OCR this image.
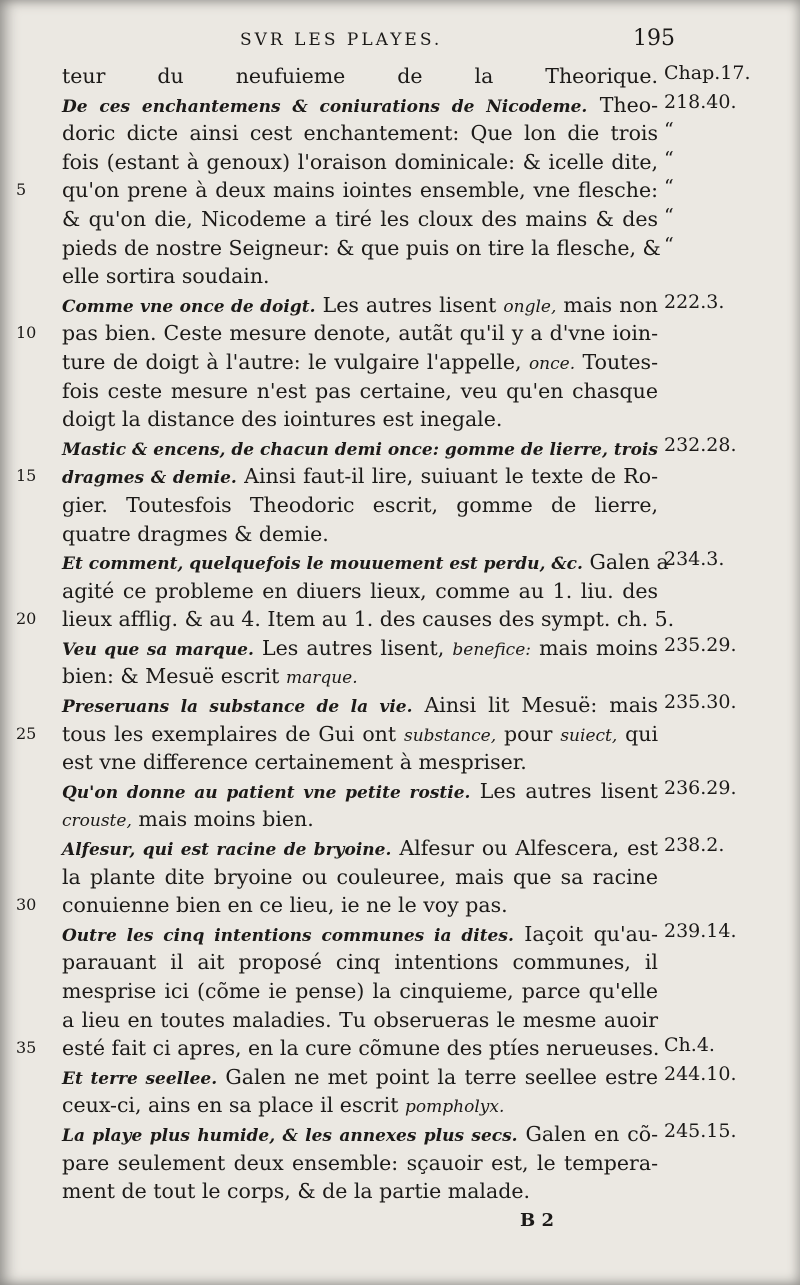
SVR LES PLAYES.	195
teur du neufuieme de la Theorique.
De ces enchantemens & coniurations de Nicodeme. Theo-
doric dicte ainsi cest enchantement: Que lon die trois
fois (estant à genoux) l'oraison dominicale: & icelle dite,
qu'on prene à deux mains iointes ensemble, vne flesche:
& qu'on die, Nicodeme a tiré les cloux des mains & des
pieds de nostre Seigneur: & que puis on tire la flesche, &
elle sortira soudain.
Comme vne once de doigt. Les autres lisent ongle, mais non
pas bien. Ceste mesure denote, autãt qu'il y a d'vne ioin-
ture de doigt à l'autre: le vulgaire l'appelle, once. Toutes-
fois ceste mesure n'est pas certaine, veu qu'en chasque
doigt la distance des iointures est inegale.
Mastic & encens, de chacun demi once: gomme de lierre, trois
dragmes & demie. Ainsi faut-il lire, suiuant le texte de Ro-
gier. Toutesfois Theodoric escrit, gomme de lierre,
quatre dragmes & demie.
Et comment, quelquefois le mouuement est perdu, &c. Galen a
agité ce probleme en diuers lieux, comme au 1. liu. des
lieux afflig. & au 4. Item au 1. des causes des sympt. ch. 5.
Veu que sa marque. Les autres lisent, benefice: mais moins
bien: & Mesuë escrit marque.
Preseruans la substance de la vie. Ainsi lit Mesuë: mais
tous les exemplaires de Gui ont substance, pour suiect, qui
est vne difference certainement à mespriser.
Qu'on donne au patient vne petite rostie. Les autres lisent
crouste, mais moins bien.
Alfesur, qui est racine de bryoine. Alfesur ou Alfescera, est
la plante dite bryoine ou couleuree, mais que sa racine
conuienne bien en ce lieu, ie ne le voy pas.
Outre les cinq intentions communes ia dites. Iaçoit qu'au-
parauant il ait proposé cinq intentions communes, il
mesprise ici (cõme ie pense) la cinquieme, parce qu'elle
a lieu en toutes maladies. Tu obserueras le mesme auoir
esté fait ci apres, en la cure cõmune des ptíes nerueuses.
Et terre seellee. Galen ne met point la terre seellee estre
ceux-ci, ains en sa place il escrit pompholyx.
La playe plus humide, & les annexes plus secs. Galen en cõ-
pare seulement deux ensemble: sçauoir est, le tempera-
ment de tout le corps, & de la partie malade.
Chap.17.
218.40.
“
“
“
“
“
222.3.
232.28.
234.3.
235.29.
235.30.
236.29.
238.2.
239.14.
Ch.4.
244.10.
245.15.
5
10
15
20
25
30
35
B 2
